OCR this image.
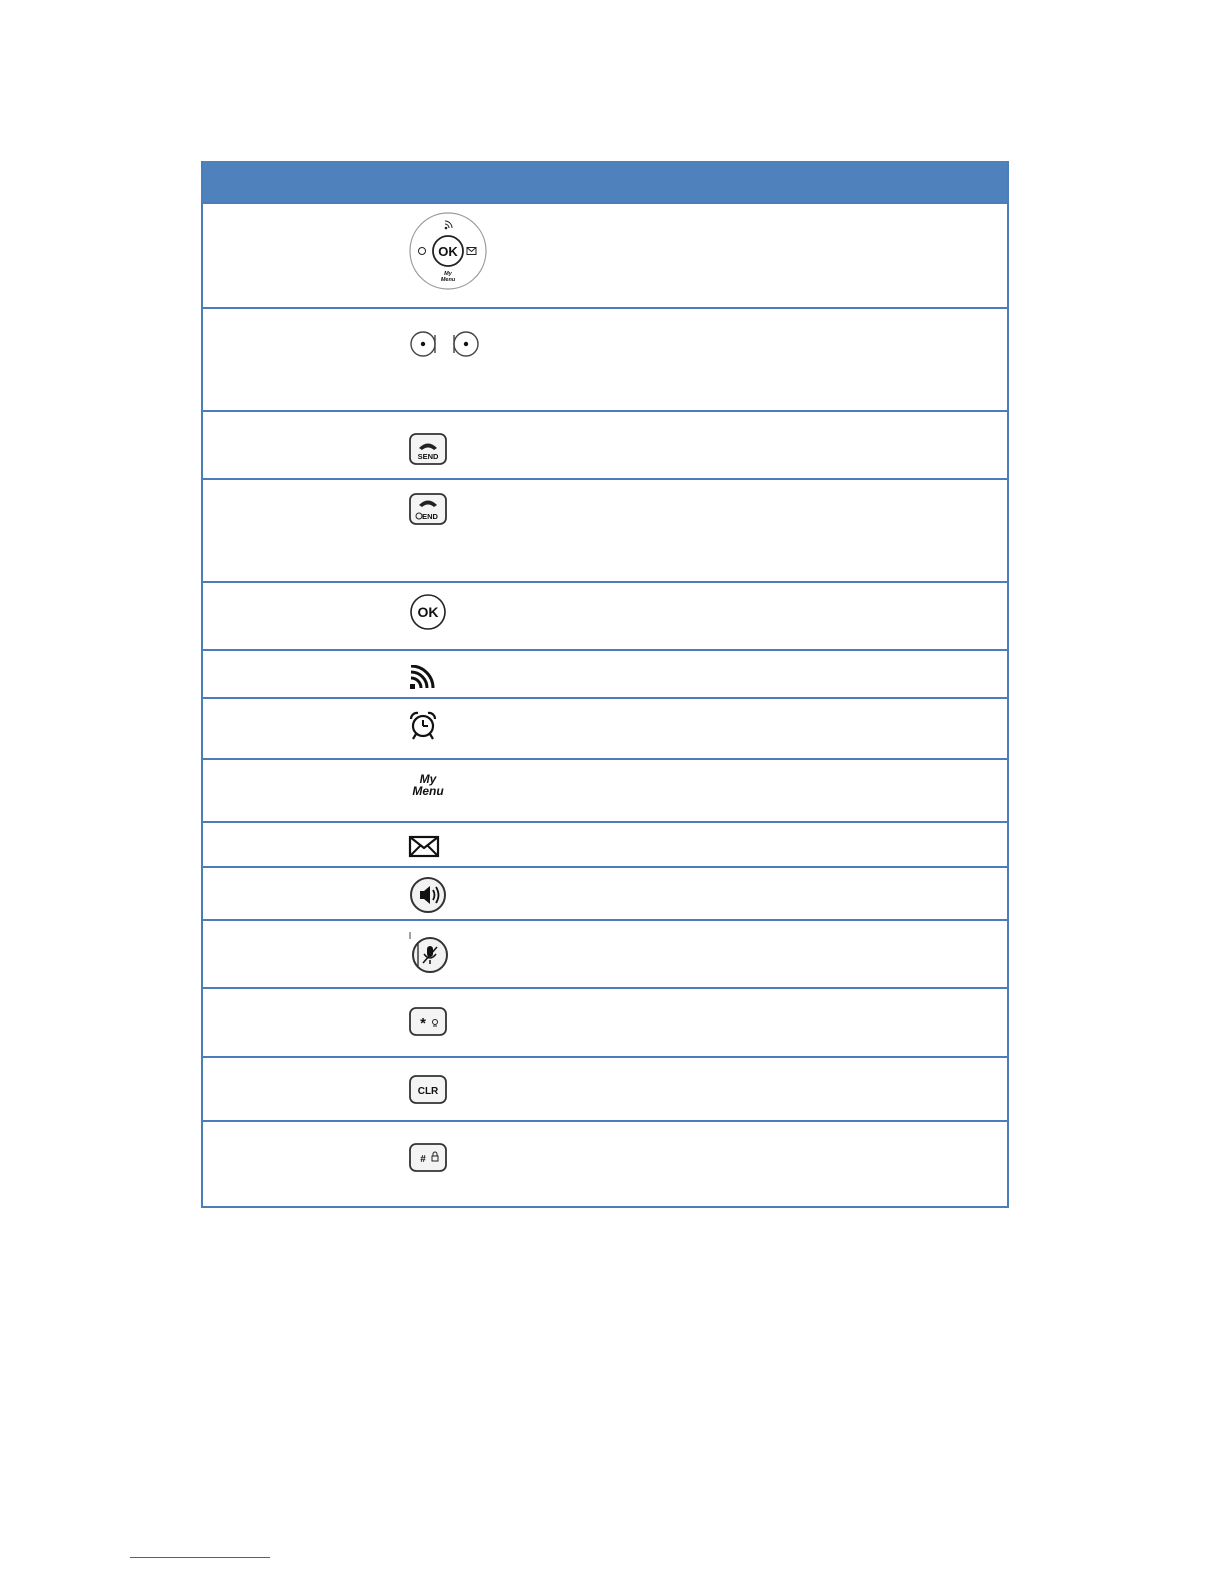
OK
My
Menu
SEND
END
OK
My
Menu
*
CLR
#
